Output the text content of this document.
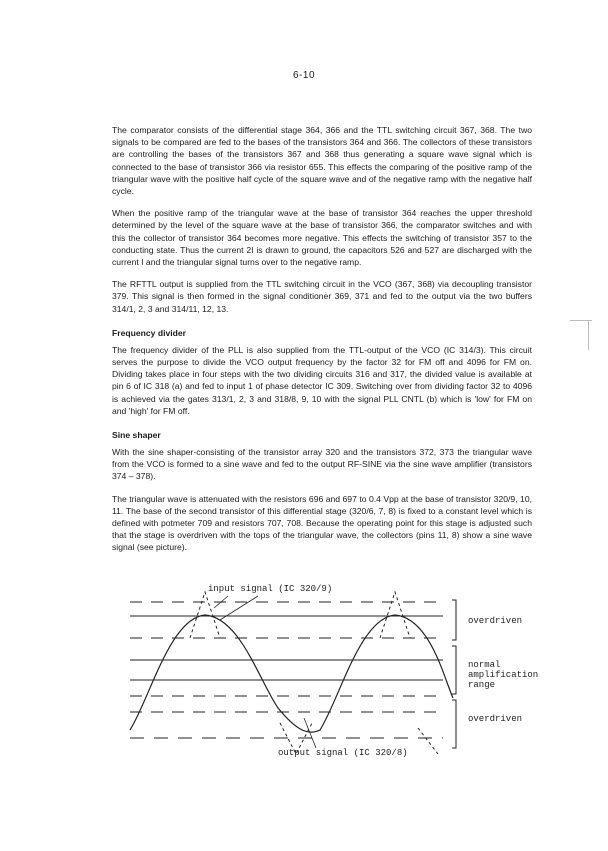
6-10

The comparator consists of the differential stage 364, 366 and the TTL switching circuit 367, 368. The two signals to be compared are fed to the bases of the transistors 364 and 366. The collectors of these transistors are controlling the bases of the transistors 367 and 368 thus generating a square wave signal which is connected to the base of transistor 366 via resistor 655. This effects the comparing of the positive ramp of the triangular wave with the positive half cycle of the square wave and of the negative ramp with the negative half cycle.

When the positive ramp of the triangular wave at the base of transistor 364 reaches the upper threshold determined by the level of the square wave at the base of transistor 366, the comparator switches and with this the collector of transistor 364 becomes more negative. This effects the switching of transistor 357 to the conducting state. Thus the current 2I is drawn to ground, the capacitors 526 and 527 are discharged with the current I and the triangular signal turns over to the negative ramp.

The RFTTL output is supplied from the TTL switching circuit in the VCO (367, 368) via decoupling transistor 379. This signal is then formed in the signal conditioner 369, 371 and fed to the output via the two buffers 314/1, 2, 3 and 314/11, 12, 13.

Frequency divider

The frequency divider of the PLL is also supplied from the TTL-output of the VCO (IC 314/3). This circuit serves the purpose to divide the VCO output frequency by the factor 32 for FM off and 4096 for FM on. Dividing takes place in four steps with the two dividing circuits 316 and 317, the divided value is available at pin 6 of IC 318 (a) and fed to input 1 of phase detector IC 309. Switching over from dividing factor 32 to 4096 is achieved via the gates 313/1, 2, 3 and 318/8, 9, 10 with the signal PLL CNTL (b) which is 'low' for FM on and 'high' for FM off.

Sine shaper

With the sine shaper-consisting of the transistor array 320 and the transistors 372, 373 the triangular wave from the VCO is formed to a sine wave and fed to the output RF-SINE via the sine wave amplifier (transistors 374 – 378).

The triangular wave is attenuated with the resistors 696 and 697 to 0.4 Vpp at the base of transistor 320/9, 10, 11. The base of the second transistor of this differential stage (320/6, 7, 8) is fixed to a constant level which is defined with potmeter 709 and resistors 707, 708. Because the operating point for this stage is adjusted such that the stage is overdriven with the tops of the triangular wave, the collectors (pins 11, 8) show a sine wave signal (see picture).

input signal (IC 320/9)
output signal (IC 320/8)
overdriven
normal
amplification
range
overdriven
